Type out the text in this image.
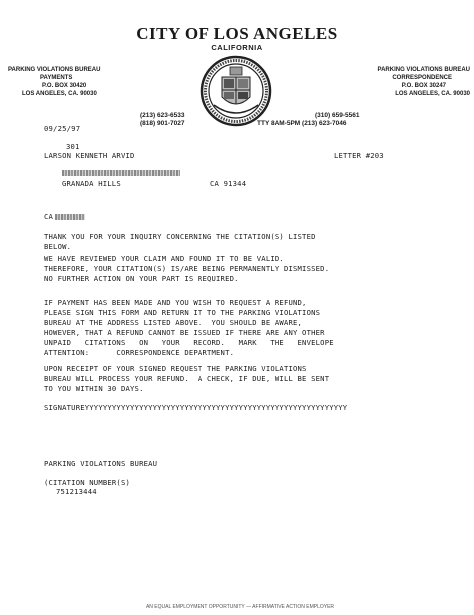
CITY OF LOS ANGELES
CALIFORNIA
PARKING VIOLATIONS BUREAU
PAYMENTS
P.O. BOX 30420
LOS ANGELES, CA. 90030
PARKING VIOLATIONS BUREAU
CORRESPONDENCE
P.O. BOX 30247
LOS ANGELES, CA. 90030
(213) 623-6533
(818) 901-7027
(310) 659-5561
TTY 8AM-5PM (213) 623-7046
09/25/97
301
LARSON KENNETH ARVID	LETTER #203
GRANADA HILLS	CA 91344
CA
THANK YOU FOR YOUR INQUIRY CONCERNING THE CITATION(S) LISTED
BELOW.
WE HAVE REVIEWED YOUR CLAIM AND FOUND IT TO BE VALID.
THEREFORE, YOUR CITATION(S) IS/ARE BEING PERMANENTLY DISMISSED.
NO FURTHER ACTION ON YOUR PART IS REQUIRED.
IF PAYMENT HAS BEEN MADE AND YOU WISH TO REQUEST A REFUND,
PLEASE SIGN THIS FORM AND RETURN IT TO THE PARKING VIOLATIONS
BUREAU AT THE ADDRESS LISTED ABOVE.  YOU SHOULD BE AWARE,
HOWEVER, THAT A REFUND CANNOT BE ISSUED IF THERE ARE ANY OTHER
UNPAID   CITATIONS   ON   YOUR   RECORD.   MARK   THE   ENVELOPE
ATTENTION:      CORRESPONDENCE DEPARTMENT.
UPON RECEIPT OF YOUR SIGNED REQUEST THE PARKING VIOLATIONS
BUREAU WILL PROCESS YOUR REFUND.  A CHECK, IF DUE, WILL BE SENT
TO YOU WITHIN 30 DAYS.
SIGNATUREYYYYYYYYYYYYYYYYYYYYYYYYYYYYYYYYYYYYYYYYYYYYYYYYYYYYYYYYYY
PARKING VIOLATIONS BUREAU
(CITATION NUMBER(S)
751213444
AN EQUAL EMPLOYMENT OPPORTUNITY — AFFIRMATIVE ACTION EMPLOYER
